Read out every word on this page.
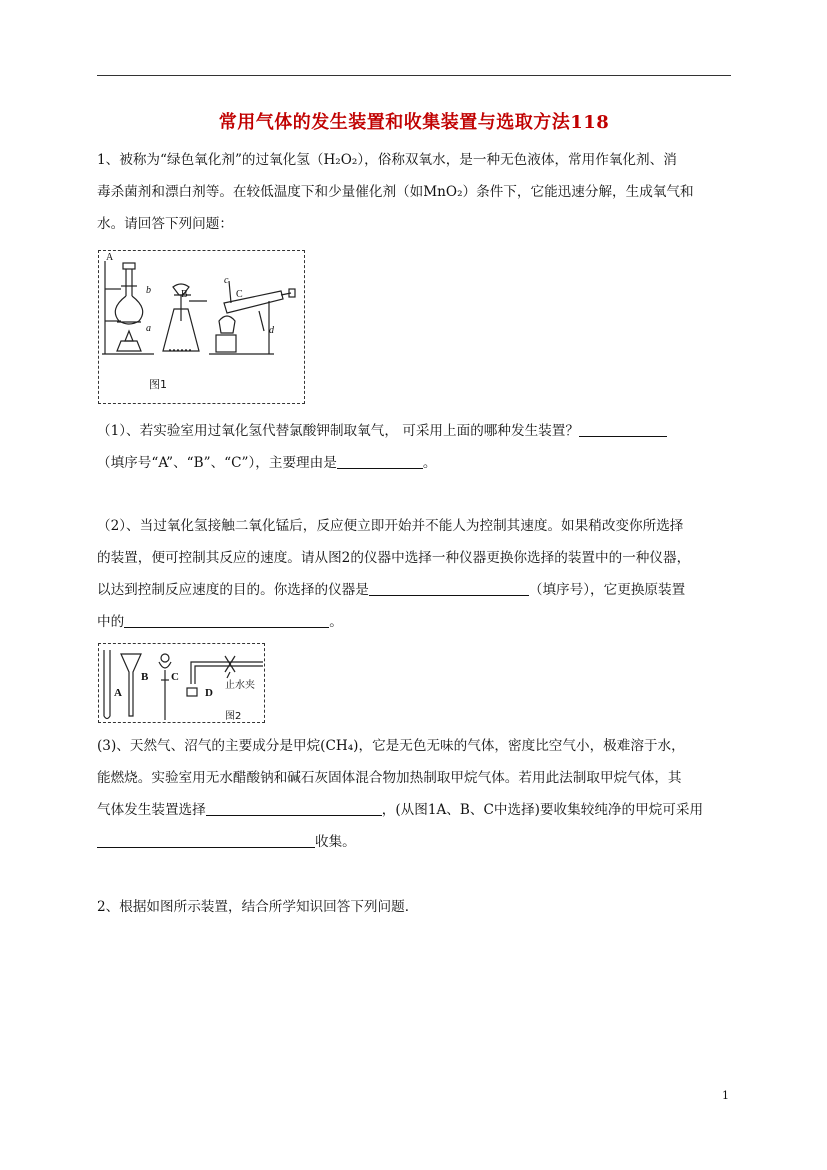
常用气体的发生装置和收集装置与选取方法118
1、被称为“绿色氧化剂”的过氧化氢（H₂O₂），俗称双氧水，是一种无色液体，常用作氧化剂、消
毒杀菌剂和漂白剂等。在较低温度下和少量催化剂（如MnO₂）条件下，它能迅速分解，生成氧气和
水。请回答下列问题：
A
B	C
a
b
c
d
图1
（1）、若实验室用过氧化氢代替氯酸钾制取氧气， 可采用上面的哪种发生装置？
（填序号“A”、“B”、“C”），主要理由是	。
（2）、当过氧化氢接触二氧化锰后，反应便立即开始并不能人为控制其速度。如果稍改变你所选择
的装置，便可控制其反应的速度。请从图2的仪器中选择一种仪器更换你选择的装置中的一种仪器，
以达到控制反应速度的目的。你选择的仪器是	（填序号），它更换原装置
中的	。
A
B C
D
止水夹
图2
(3)、天然气、沼气的主要成分是甲烷(CH₄)，它是无色无味的气体，密度比空气小，极难溶于水，
能燃烧。实验室用无水醋酸钠和碱石灰固体混合物加热制取甲烷气体。若用此法制取甲烷气体，其
气体发生装置选择	，(从图1A、B、C中选择)要收集较纯净的甲烷可采用
收集。
2、根据如图所示装置，结合所学知识回答下列问题．
1
